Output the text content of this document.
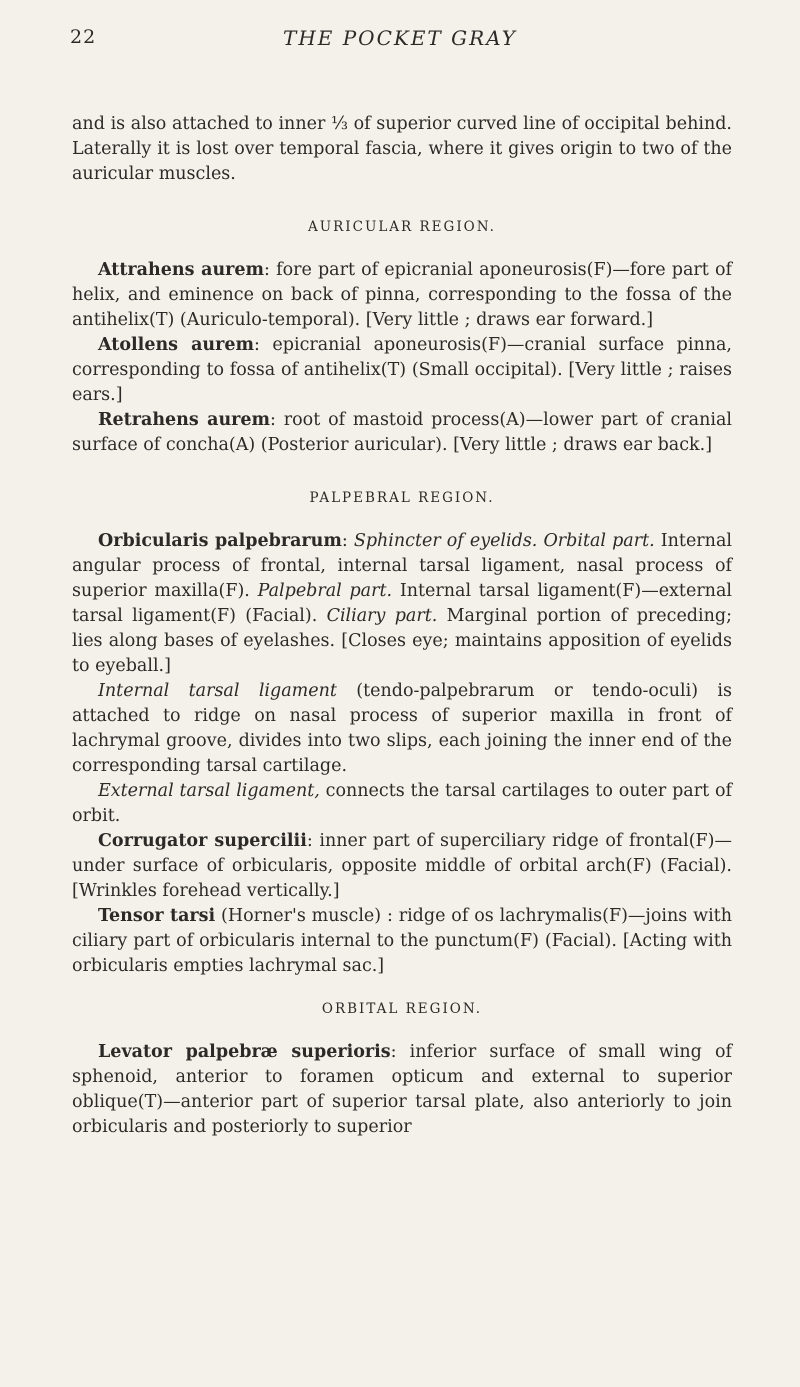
22	THE POCKET GRAY

and is also attached to inner ⅓ of superior curved line of occipital behind. Laterally it is lost over temporal fascia, where it gives origin to two of the auricular muscles.

AURICULAR REGION.

Attrahens aurem: fore part of epicranial aponeurosis(F)—fore part of helix, and eminence on back of pinna, corresponding to the fossa of the antihelix(T) (Auriculo-temporal). [Very little ; draws ear forward.]

Atollens aurem: epicranial aponeurosis(F)—cranial surface pinna, corresponding to fossa of antihelix(T) (Small occipital). [Very little ; raises ears.]

Retrahens aurem: root of mastoid process(A)—lower part of cranial surface of concha(A) (Posterior auricular). [Very little ; draws ear back.]

PALPEBRAL REGION.

Orbicularis palpebrarum: Sphincter of eyelids. Orbital part. Internal angular process of frontal, internal tarsal ligament, nasal process of superior maxilla(F). Palpebral part. Internal tarsal ligament(F)—external tarsal ligament(F) (Facial). Ciliary part. Marginal portion of preceding; lies along bases of eyelashes. [Closes eye; maintains apposition of eyelids to eyeball.]

Internal tarsal ligament (tendo-palpebrarum or tendo-oculi) is attached to ridge on nasal process of superior maxilla in front of lachrymal groove, divides into two slips, each joining the inner end of the corresponding tarsal cartilage.

External tarsal ligament, connects the tarsal cartilages to outer part of orbit.

Corrugator supercilii: inner part of superciliary ridge of frontal(F)—under surface of orbicularis, opposite middle of orbital arch(F) (Facial). [Wrinkles forehead vertically.]

Tensor tarsi (Horner's muscle) : ridge of os lachrymalis(F)—joins with ciliary part of orbicularis internal to the punctum(F) (Facial). [Acting with orbicularis empties lachrymal sac.]

ORBITAL REGION.

Levator palpebræ superioris: inferior surface of small wing of sphenoid, anterior to foramen opticum and external to superior oblique(T)—anterior part of superior tarsal plate, also anteriorly to join orbicularis and posteriorly to superior
